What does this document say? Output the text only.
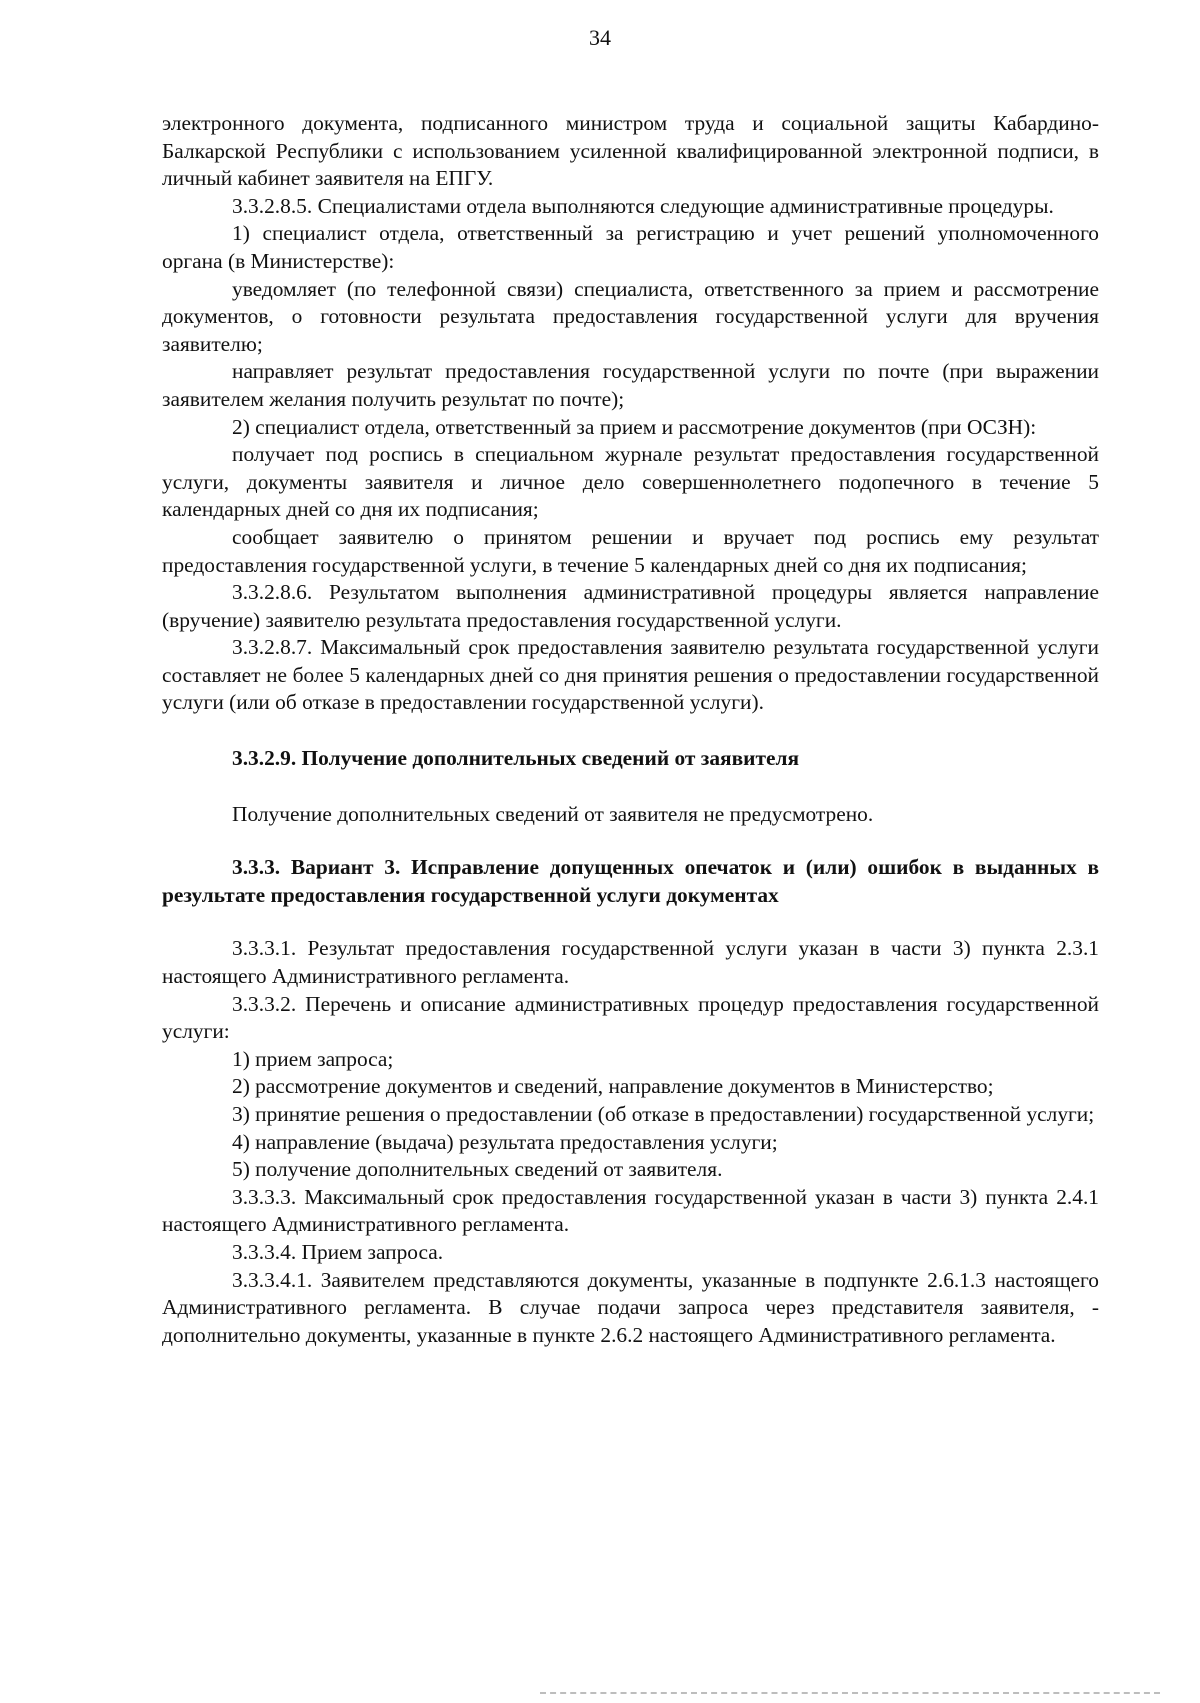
34

электронного документа, подписанного министром труда и социальной защиты Кабардино-Балкарской Республики с использованием усиленной квалифицированной электронной подписи, в личный кабинет заявителя на ЕПГУ.

3.3.2.8.5. Специалистами отдела выполняются следующие административные процедуры.

1) специалист отдела, ответственный за регистрацию и учет решений уполномоченного органа (в Министерстве):

уведомляет (по телефонной связи) специалиста, ответственного за прием и рассмотрение документов, о готовности результата предоставления государственной услуги для вручения заявителю;

направляет результат предоставления государственной услуги по почте (при выражении заявителем желания получить результат по почте);

2) специалист отдела, ответственный за прием и рассмотрение документов (при ОСЗН):

получает под роспись в специальном журнале результат предоставления государственной услуги, документы заявителя и личное дело совершеннолетнего подопечного в течение 5 календарных дней со дня их подписания;

сообщает заявителю о принятом решении и вручает под роспись ему результат предоставления государственной услуги, в течение 5 календарных дней со дня их подписания;

3.3.2.8.6. Результатом выполнения административной процедуры является направление (вручение) заявителю результата предоставления государственной услуги.

3.3.2.8.7. Максимальный срок предоставления заявителю результата государственной услуги составляет не более 5 календарных дней со дня принятия решения о предоставлении государственной услуги (или об отказе в предоставлении государственной услуги).

3.3.2.9. Получение дополнительных сведений от заявителя

Получение дополнительных сведений от заявителя не предусмотрено.

3.3.3. Вариант 3. Исправление допущенных опечаток и (или) ошибок в выданных в результате предоставления государственной услуги документах

3.3.3.1. Результат предоставления государственной услуги указан в части 3) пункта 2.3.1 настоящего Административного регламента.

3.3.3.2. Перечень и описание административных процедур предоставления государственной услуги:

1) прием запроса;

2) рассмотрение документов и сведений, направление документов в Министерство;

3) принятие решения о предоставлении (об отказе в предоставлении) государственной услуги;

4) направление (выдача) результата предоставления услуги;

5) получение дополнительных сведений от заявителя.

3.3.3.3. Максимальный срок предоставления государственной указан в части 3) пункта 2.4.1 настоящего Административного регламента.

3.3.3.4. Прием запроса.

3.3.3.4.1. Заявителем представляются документы, указанные в подпункте 2.6.1.3 настоящего Административного регламента. В случае подачи запроса через представителя заявителя, - дополнительно документы, указанные в пункте 2.6.2 настоящего Административного регламента.
